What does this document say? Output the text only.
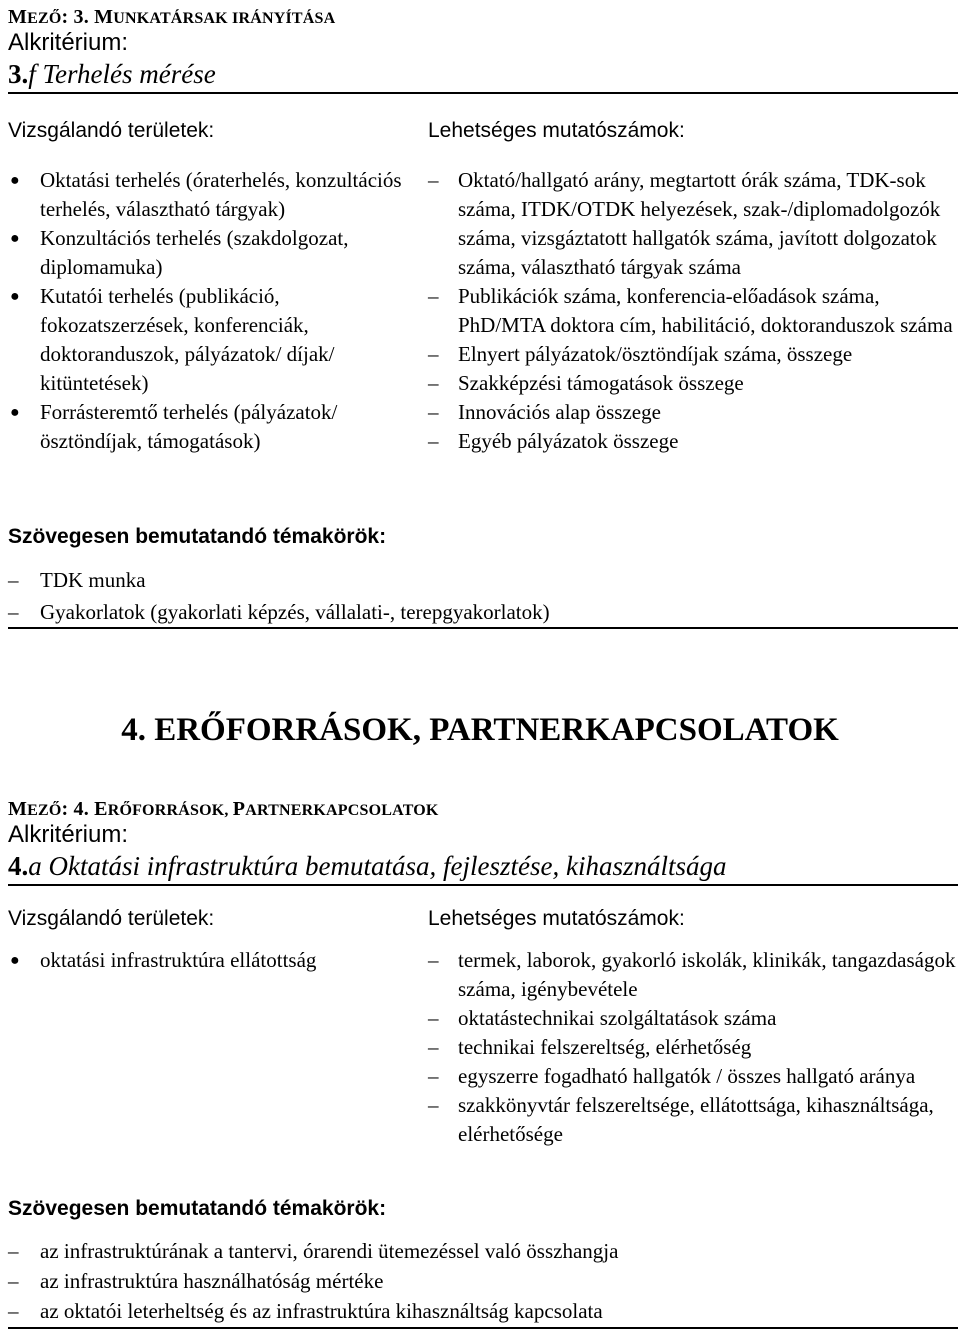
MEZŐ: 3. MUNKATÁRSAK IRÁNYÍTÁSA
Alkritérium:
3.f Terhelés mérése
Vizsgálandó területek:
● Oktatási terhelés (óraterhelés, konzultációs terhelés, választható tárgyak)
● Konzultációs terhelés (szakdolgozat, diplomamuka)
● Kutatói terhelés (publikáció, fokozatszerzések, konferenciák, doktoranduszok, pályázatok/ díjak/ kitüntetések)
● Forrásteremtő terhelés (pályázatok/ösztöndíjak, támogatások)
Lehetséges mutatószámok:
– Oktató/hallgató arány, megtartott órák száma, TDK-sok száma, ITDK/OTDK helyezések, szak-/diplomadolgozók száma, vizsgáztatott hallgatók száma, javított dolgozatok száma, választható tárgyak száma
– Publikációk száma, konferencia-előadások száma, PhD/MTA doktora cím, habilitáció, doktoranduszok száma
– Elnyert pályázatok/ösztöndíjak száma, összege
– Szakképzési támogatások összege
– Innovációs alap összege
– Egyéb pályázatok összege
Szövegesen bemutatandó témakörök:
–	TDK munka
–	Gyakorlatok (gyakorlati képzés, vállalati-, terepgyakorlatok)
4. ERŐFORRÁSOK, PARTNERKAPCSOLATOK
MEZŐ: 4. ERŐFORRÁSOK, PARTNERKAPCSOLATOK
Alkritérium:
4.a Oktatási infrastruktúra bemutatása, fejlesztése, kihasználtsága
Vizsgálandó területek:
● oktatási infrastruktúra ellátottság
Lehetséges mutatószámok:
– termek, laborok, gyakorló iskolák, klinikák, tangazdaságok száma, igénybevétele
– oktatástechnikai szolgáltatások száma
– technikai felszereltség, elérhetőség
– egyszerre fogadható hallgatók / összes hallgató aránya
– szakkönyvtár felszereltsége, ellátottsága, kihasználtsága, elérhetősége
Szövegesen bemutatandó témakörök:
–	az infrastruktúrának a tantervi, órarendi ütemezéssel való összhangja
–	az infrastruktúra használhatóság mértéke
–	az oktatói leterheltség és az infrastruktúra kihasználtság kapcsolata
